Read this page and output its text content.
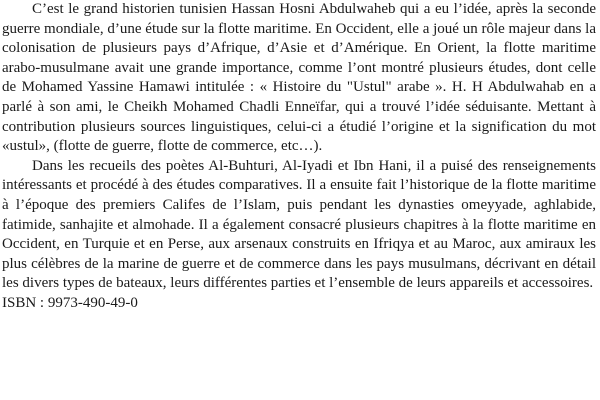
C’est le grand historien tunisien Hassan Hosni Abdulwaheb qui a eu l’idée, après la seconde guerre mondiale, d’une étude sur la flotte maritime. En Occident, elle a joué un rôle majeur dans la colonisation de plusieurs pays d’Afrique, d’Asie et d’Amérique. En Orient, la flotte maritime arabo-musulmane avait une grande importance, comme l’ont montré plusieurs études, dont celle de Mohamed Yassine Hamawi intitulée : « Histoire du "Ustul" arabe ». H. H Abdulwahab en a parlé à son ami, le Cheikh Mohamed Chadli Enneïfar, qui a trouvé l’idée séduisante. Mettant à contribution plusieurs sources linguistiques, celui-ci a étudié l’origine et la signification du mot «ustul», (flotte de guerre, flotte de commerce, etc…).

Dans les recueils des poètes Al-Buhturi, Al-Iyadi et Ibn Hani, il a puisé des renseignements intéressants et procédé à des études comparatives. Il a ensuite fait l’historique de la flotte maritime à l’époque des premiers Califes de l’Islam, puis pendant les dynasties omeyyade, aghlabide, fatimide, sanhajite et almohade. Il a également consacré plusieurs chapitres à la flotte maritime en Occident, en Turquie et en Perse, aux arsenaux construits en Ifriqya et au Maroc, aux amiraux les plus célèbres de la marine de guerre et de commerce dans les pays musulmans, décrivant en détail les divers types de bateaux, leurs différentes parties et l’ensemble de leurs appareils et accessoires.

ISBN : 9973-490-49-0
